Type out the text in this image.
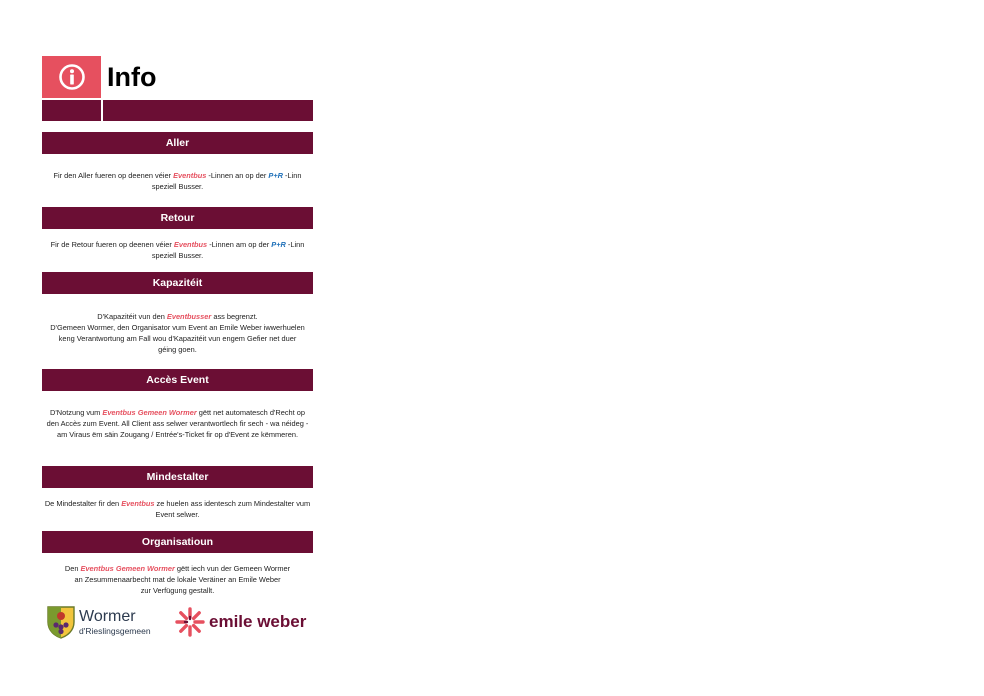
Info
Aller
Fir den Aller fueren op deenen véier Eventbus -Linnen an op der P+R -Linn
speziell Busser.
Retour
Fir de Retour fueren op deenen véier Eventbus -Linnen am op der P+R -Linn
speziell Busser.
Kapazitéit
D'Kapazitéit vun den Eventbusser ass begrenzt.
D'Gemeen Wormer, den Organisator vum Event an Emile Weber iwwerhuelen keng Verantwortung am Fall wou d'Kapazitéit vun engem Gefier net duer géing goen.
Accès Event
D'Notzung vum Eventbus Gemeen Wormer gëtt net automatesch d'Recht op den Accès zum Event. All Client ass selwer verantwortlech fir sech - wa néideg - am Viraus ëm säin Zougang / Entrée's-Ticket fir op d'Event ze këmmeren.
Mindestalter
De Mindestalter fir den Eventbus ze huelen ass identesch zum Mindestalter vum Event selwer.
Organisatioun
Den Eventbus Gemeen Wormer gëtt iech vun der Gemeen Wormer
an Zesummenaarbecht mat de lokale Veräiner an Emile Weber
zur Verfügung gestallt.
Wormer
d'Rieslingsgemeen	emile weber
